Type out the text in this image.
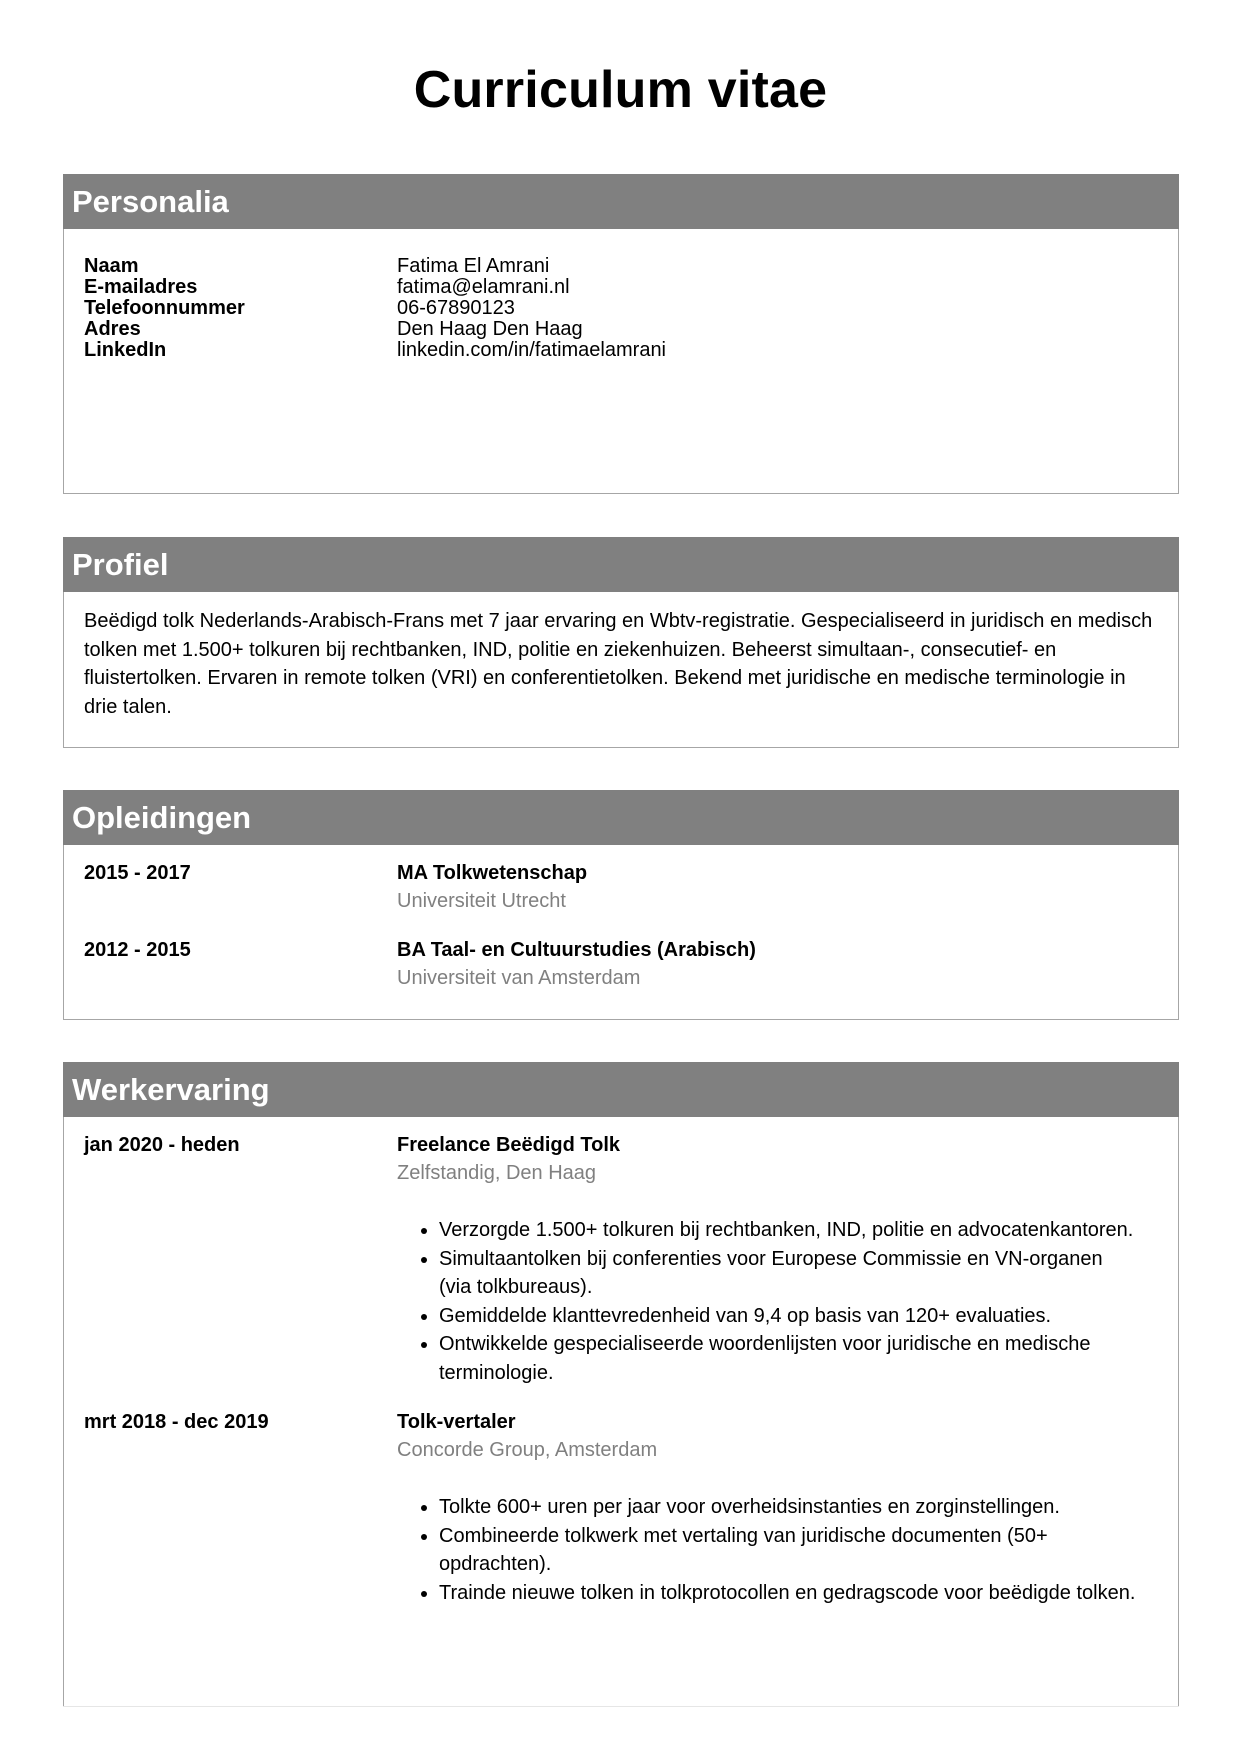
Curriculum vitae
Personalia
Naam	Fatima El Amrani
E-mailadres	fatima@elamrani.nl
Telefoonnummer	06-67890123
Adres	Den Haag Den Haag
LinkedIn	linkedin.com/in/fatimaelamrani
Profiel
Beëdigd tolk Nederlands-Arabisch-Frans met 7 jaar ervaring en Wbtv-registratie. Gespecialiseerd in juridisch en medisch tolken met 1.500+ tolkuren bij rechtbanken, IND, politie en ziekenhuizen. Beheerst simultaan-, consecutief- en fluistertolken. Ervaren in remote tolken (VRI) en conferentietolken. Bekend met juridische en medische terminologie in drie talen.
Opleidingen
2015 - 2017	MA Tolkwetenschap
Universiteit Utrecht
2012 - 2015	BA Taal- en Cultuurstudies (Arabisch)
Universiteit van Amsterdam
Werkervaring
jan 2020 - heden	Freelance Beëdigd Tolk
Zelfstandig, Den Haag
• Verzorgde 1.500+ tolkuren bij rechtbanken, IND, politie en advocatenkantoren.
• Simultaantolken bij conferenties voor Europese Commissie en VN-organen (via tolkbureaus).
• Gemiddelde klanttevredenheid van 9,4 op basis van 120+ evaluaties.
• Ontwikkelde gespecialiseerde woordenlijsten voor juridische en medische terminologie.
mrt 2018 - dec 2019	Tolk-vertaler
Concorde Group, Amsterdam
• Tolkte 600+ uren per jaar voor overheidsinstanties en zorginstellingen.
• Combineerde tolkwerk met vertaling van juridische documenten (50+ opdrachten).
• Trainde nieuwe tolken in tolkprotocollen en gedragscode voor beëdigde tolken.
